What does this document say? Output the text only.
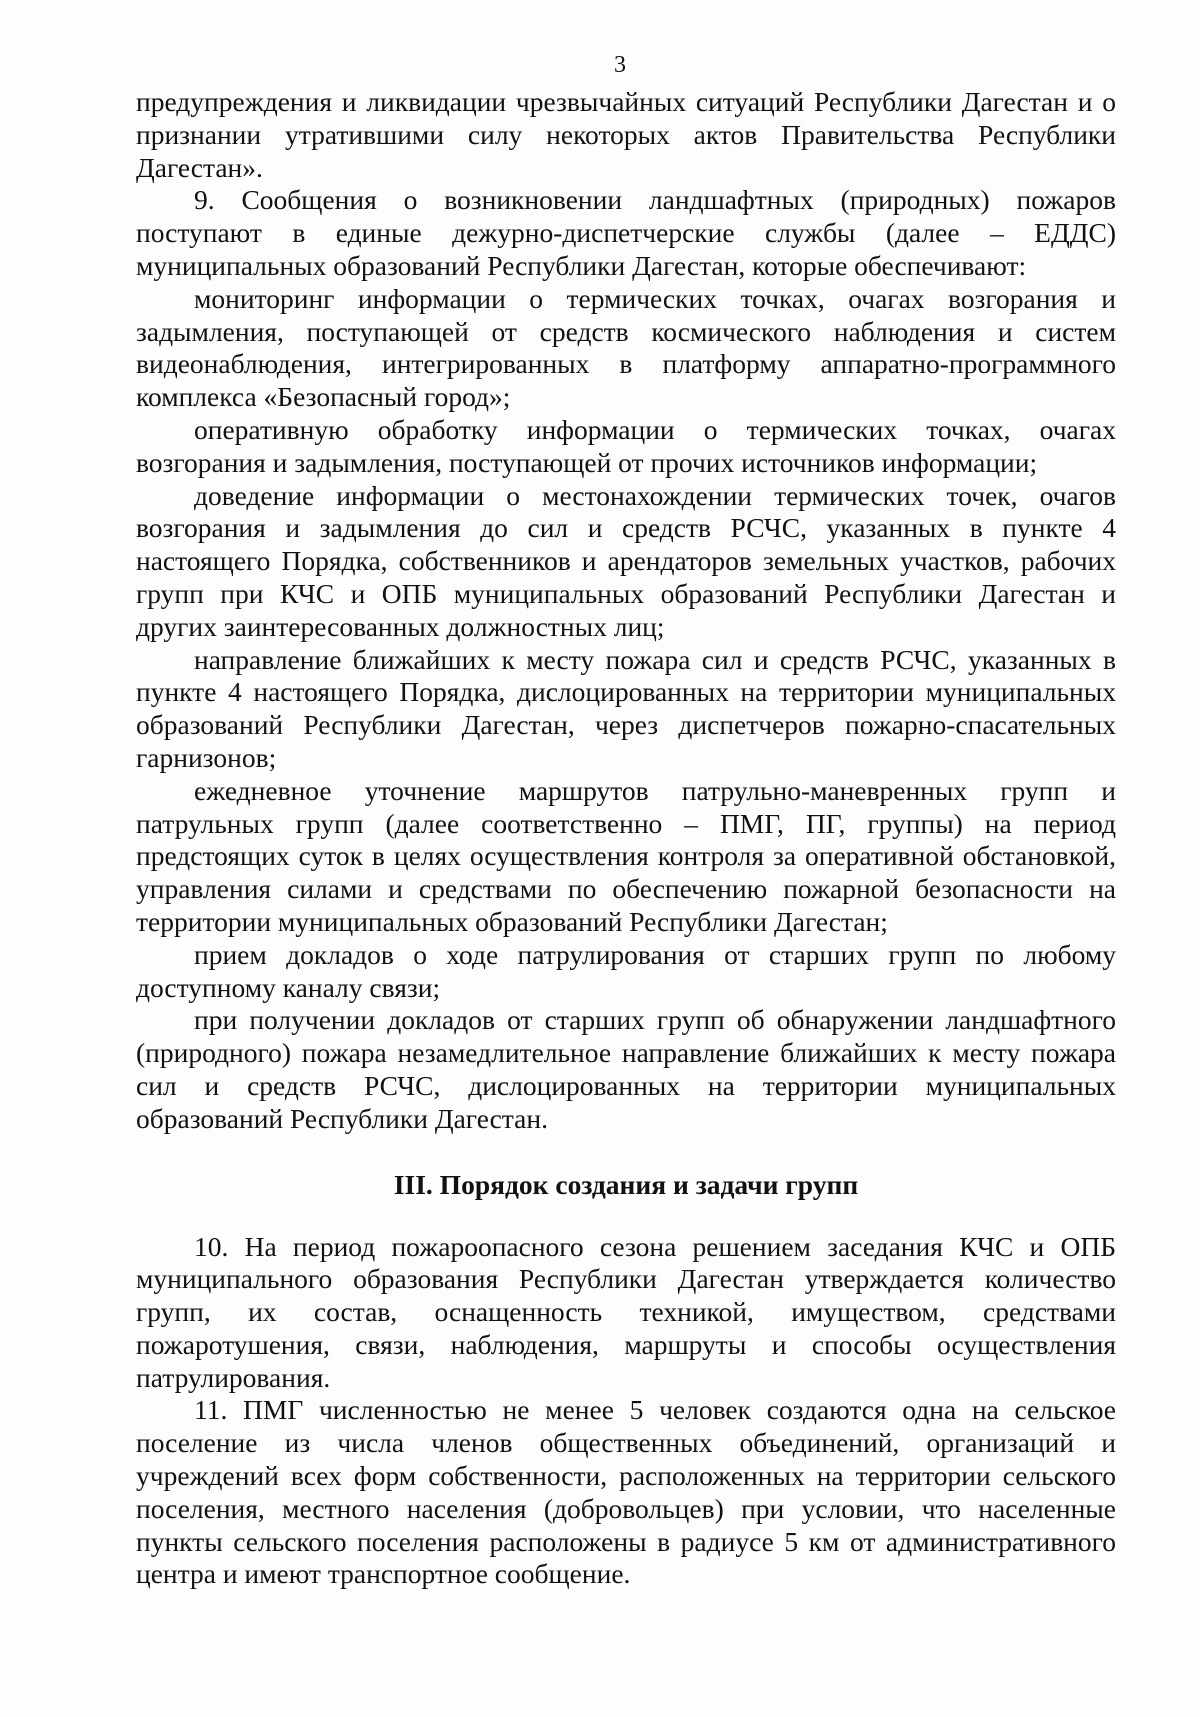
3

предупреждения и ликвидации чрезвычайных ситуаций Республики Дагестан и о признании утратившими силу некоторых актов Правительства Республики Дагестан».

9. Сообщения о возникновении ландшафтных (природных) пожаров поступают в единые дежурно-диспетчерские службы (далее – ЕДДС) муниципальных образований Республики Дагестан, которые обеспечивают:

мониторинг информации о термических точках, очагах возгорания и задымления, поступающей от средств космического наблюдения и систем видеонаблюдения, интегрированных в платформу аппаратно-программного комплекса «Безопасный город»;

оперативную обработку информации о термических точках, очагах возгорания и задымления, поступающей от прочих источников информации;

доведение информации о местонахождении термических точек, очагов возгорания и задымления до сил и средств РСЧС, указанных в пункте 4 настоящего Порядка, собственников и арендаторов земельных участков, рабочих групп при КЧС и ОПБ муниципальных образований Республики Дагестан и других заинтересованных должностных лиц;

направление ближайших к месту пожара сил и средств РСЧС, указанных в пункте 4 настоящего Порядка, дислоцированных на территории муниципальных образований Республики Дагестан, через диспетчеров пожарно-спасательных гарнизонов;

ежедневное уточнение маршрутов патрульно-маневренных групп и патрульных групп (далее соответственно – ПМГ, ПГ, группы) на период предстоящих суток в целях осуществления контроля за оперативной обстановкой, управления силами и средствами по обеспечению пожарной безопасности на территории муниципальных образований Республики Дагестан;

прием докладов о ходе патрулирования от старших групп по любому доступному каналу связи;

при получении докладов от старших групп об обнаружении ландшафтного (природного) пожара незамедлительное направление ближайших к месту пожара сил и средств РСЧС, дислоцированных на территории муниципальных образований Республики Дагестан.

III. Порядок создания и задачи групп

10. На период пожароопасного сезона решением заседания КЧС и ОПБ муниципального образования Республики Дагестан утверждается количество групп, их состав, оснащенность техникой, имуществом, средствами пожаротушения, связи, наблюдения, маршруты и способы осуществления патрулирования.

11. ПМГ численностью не менее 5 человек создаются одна на сельское поселение из числа членов общественных объединений, организаций и учреждений всех форм собственности, расположенных на территории сельского поселения, местного населения (добровольцев) при условии, что населенные пункты сельского поселения расположены в радиусе 5 км от административного центра и имеют транспортное сообщение.
